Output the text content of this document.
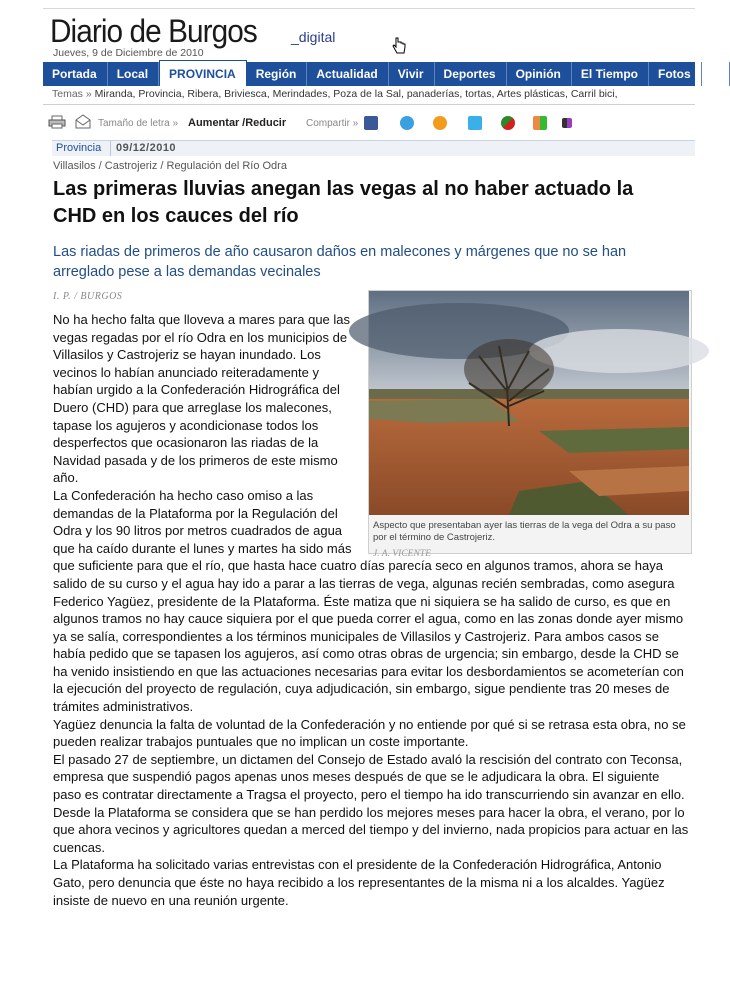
Diario de Burgos _digital
Jueves, 9 de Diciembre de 2010
Portada	Local	PROVINCIA	Región	Actualidad	Vivir	Deportes	Opinión	El Tiempo	Fotos	E
Temas » Miranda, Provincia, Ribera, Briviesca, Merindades, Poza de la Sal, panaderías, tortas, Artes plásticas, Carril bici,
Tamaño de letra » Aumentar /Reducir Compartir »
Provincia 09/12/2010
Villasilos / Castrojeriz / Regulación del Río Odra
Las primeras lluvias anegan las vegas al no haber actuado la CHD en los cauces del río
Las riadas de primeros de año causaron daños en malecones y márgenes que no se han arreglado pese a las demandas vecinales
I. P. / BURGOS
Aspecto que presentaban ayer las tierras de la vega del Odra a su paso por el término de Castrojeriz.
J. A. VICENTE

No ha hecho falta que lloveva a mares para que las vegas regadas por el río Odra en los municipios de Villasilos y Castrojeriz se hayan inundado. Los vecinos lo habían anunciado reiteradamente y habían urgido a la Confederación Hidrográfica del Duero (CHD) para que arreglase los malecones, tapase los agujeros y acondicionase todos los desperfectos que ocasionaron las riadas de la Navidad pasada y de los primeros de este mismo año.

La Confederación ha hecho caso omiso a las demandas de la Plataforma por la Regulación del Odra y los 90 litros por metros cuadrados de agua que ha caído durante el lunes y martes ha sido más que suficiente para que el río, que hasta hace cuatro días parecía seco en algunos tramos, ahora se haya salido de su curso y el agua hay ido a parar a las tierras de vega, algunas recién sembradas, como asegura Federico Yagüez, presidente de la Plataforma. Éste matiza que ni siquiera se ha salido de curso, es que en algunos tramos no hay cauce siquiera por el que pueda correr el agua, como en las zonas donde ayer mismo ya se salía, correspondientes a los términos municipales de Villasilos y Castrojeriz. Para ambos casos se había pedido que se tapasen los agujeros, así como otras obras de urgencia; sin embargo, desde la CHD se ha venido insistiendo en que las actuaciones necesarias para evitar los desbordamientos se acometerían con la ejecución del proyecto de regulación, cuya adjudicación, sin embargo, sigue pendiente tras 20 meses de trámites administrativos.

Yagüez denuncia la falta de voluntad de la Confederación y no entiende por qué si se retrasa esta obra, no se pueden realizar trabajos puntuales que no implican un coste importante.

El pasado 27 de septiembre, un dictamen del Consejo de Estado avaló la rescisión del contrato con Teconsa, empresa que suspendió pagos apenas unos meses después de que se le adjudicara la obra. El siguiente paso es contratar directamente a Tragsa el proyecto, pero el tiempo ha ido transcurriendo sin avanzar en ello.

Desde la Plataforma se considera que se han perdido los mejores meses para hacer la obra, el verano, por lo que ahora vecinos y agricultores quedan a merced del tiempo y del invierno, nada propicios para actuar en las cuencas.

La Plataforma ha solicitado varias entrevistas con el presidente de la Confederación Hidrográfica, Antonio Gato, pero denuncia que éste no haya recibido a los representantes de la misma ni a los alcaldes. Yagüez insiste de nuevo en una reunión urgente.
